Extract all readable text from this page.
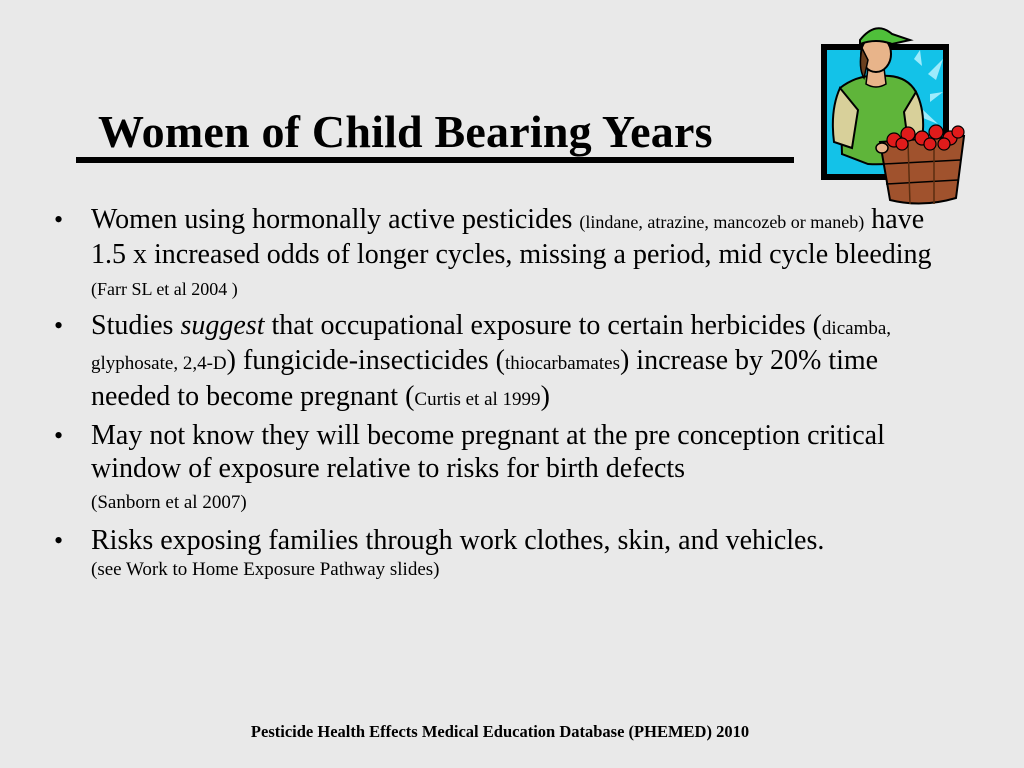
Women of Child Bearing Years
• Women using hormonally active pesticides (lindane, atrazine, mancozeb or maneb) have 1.5 x increased odds of longer cycles, missing a period, mid cycle bleeding (Farr SL et al 2004 )
• Studies suggest that occupational exposure to certain herbicides (dicamba, glyphosate, 2,4-D) fungicide-insecticides (thiocarbamates) increase by 20% time needed to become pregnant (Curtis et al 1999)
• May not know they will become pregnant at the pre conception critical window of exposure relative to risks for birth defects
(Sanborn et al 2007)
• Risks exposing families through work clothes, skin, and vehicles.
(see Work to Home Exposure Pathway slides)
Pesticide Health Effects Medical Education Database (PHEMED) 2010
